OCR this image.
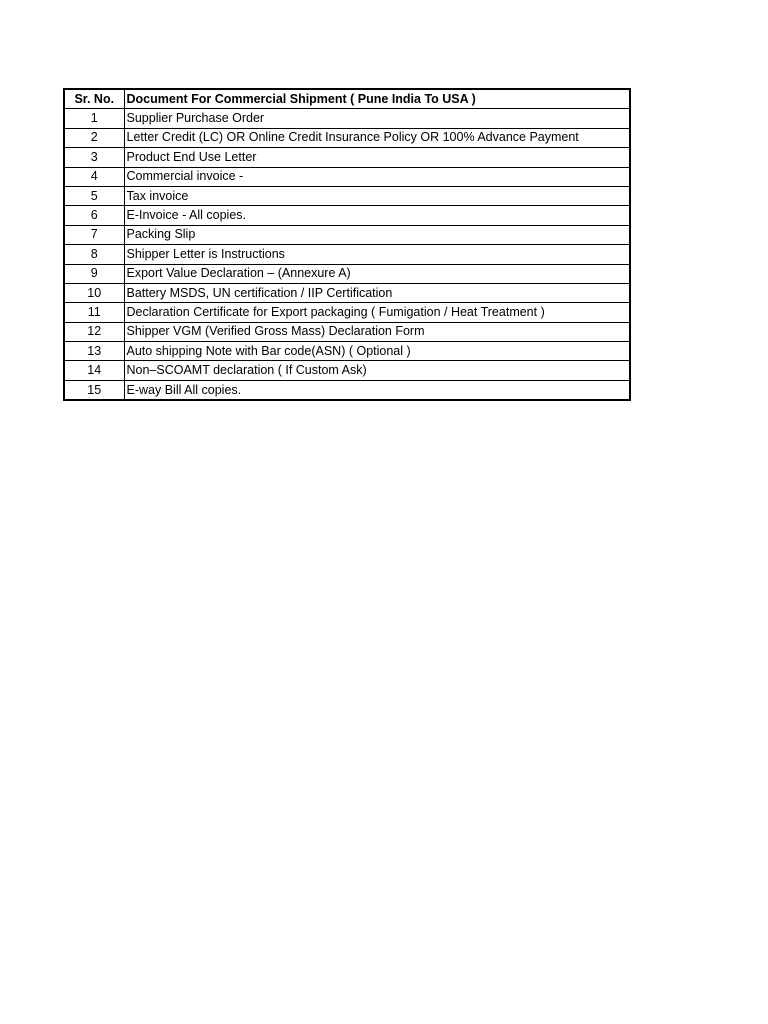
Sr. No.	Document For Commercial Shipment ( Pune India To USA )
1	Supplier Purchase Order
2	Letter Credit (LC) OR Online Credit Insurance Policy OR 100% Advance Payment
3	Product End Use Letter
4	Commercial invoice -
5	Tax invoice
6	E-Invoice - All copies.
7	Packing Slip
8	Shipper Letter is Instructions
9	Export Value Declaration – (Annexure A)
10	Battery MSDS, UN certification / IIP Certification
11	Declaration Certificate for Export packaging ( Fumigation / Heat Treatment )
12	Shipper VGM (Verified Gross Mass) Declaration Form
13	Auto shipping Note with Bar code(ASN) ( Optional )
14	Non–SCOAMT declaration ( If Custom Ask)
15	E-way Bill All copies.
